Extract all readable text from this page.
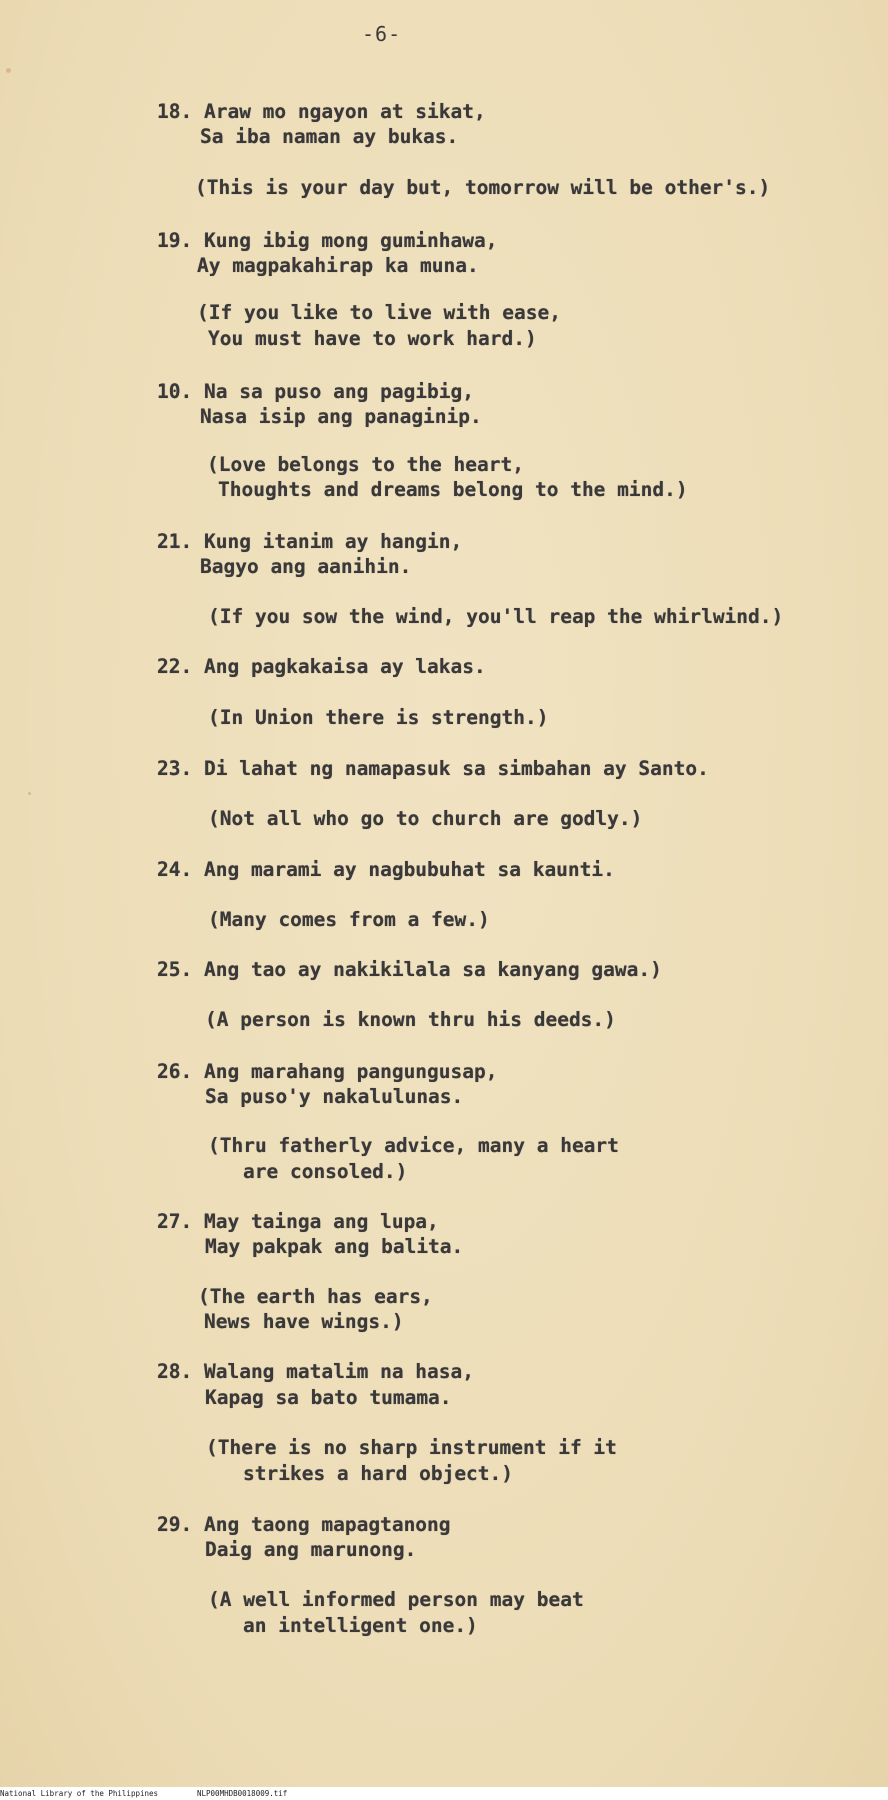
-6-
18. Araw mo ngayon at sikat,
Sa iba naman ay bukas.
(This is your day but, tomorrow will be other's.)
19. Kung ibig mong guminhawa,
Ay magpakahirap ka muna.
(If you like to live with ease,
You must have to work hard.)
10. Na sa puso ang pagibig,
Nasa isip ang panaginip.
(Love belongs to the heart,
Thoughts and dreams belong to the mind.)
21. Kung itanim ay hangin,
Bagyo ang aanihin.
(If you sow the wind, you'll reap the whirlwind.)
22. Ang pagkakaisa ay lakas.
(In Union there is strength.)
23. Di lahat ng namapasuk sa simbahan ay Santo.
(Not all who go to church are godly.)
24. Ang marami ay nagbubuhat sa kaunti.
(Many comes from a few.)
25. Ang tao ay nakikilala sa kanyang gawa.)
(A person is known thru his deeds.)
26. Ang marahang pangungusap,
Sa puso'y nakalulunas.
(Thru fatherly advice, many a heart
are consoled.)
27. May tainga ang lupa,
May pakpak ang balita.
(The earth has ears,
News have wings.)
28. Walang matalim na hasa,
Kapag sa bato tumama.
(There is no sharp instrument if it
strikes a hard object.)
29. Ang taong mapagtanong
Daig ang marunong.
(A well informed person may beat
an intelligent one.)
National Library of the Philippines	NLP00MHDB0018009.tif
